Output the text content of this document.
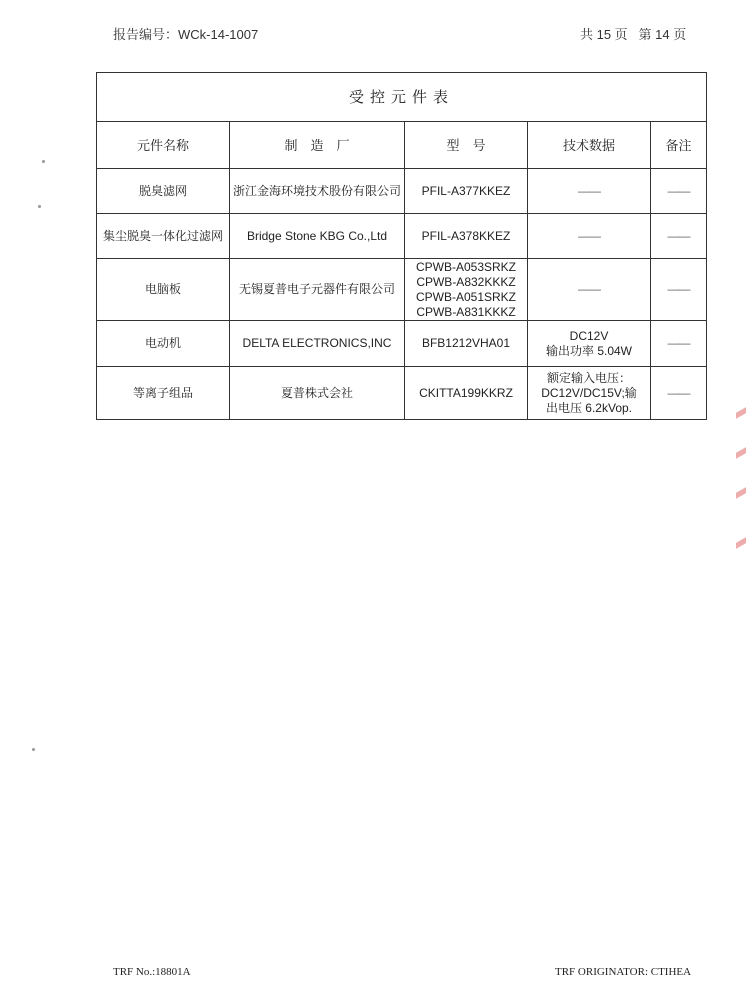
报告编号：WCk-14-1007	共 15 页 第 14 页
受控元件表				
元件名称	制　造　厂	型　号	技术数据	备注
脱臭滤网	浙江金海环境技术股份有限公司	PFIL-A377KKEZ	——	——
集尘脱臭一体化过滤网	Bridge Stone KBG Co.,Ltd	PFIL-A378KKEZ	——	——
电脑板	无锡夏普电子元器件有限公司	CPWB-A053SRKZ
CPWB-A832KKKZ
CPWB-A051SRKZ
CPWB-A831KKKZ	——	——
电动机	DELTA ELECTRONICS,INC	BFB1212VHA01	DC12V
输出功率 5.04W	——
等离子组品	夏普株式会社	CKITTA199KKRZ	额定输入电压：
DC12V/DC15V;输
出电压 6.2kVop.	——
TRF No.:18801A	TRF ORIGINATOR: CTIHEA
